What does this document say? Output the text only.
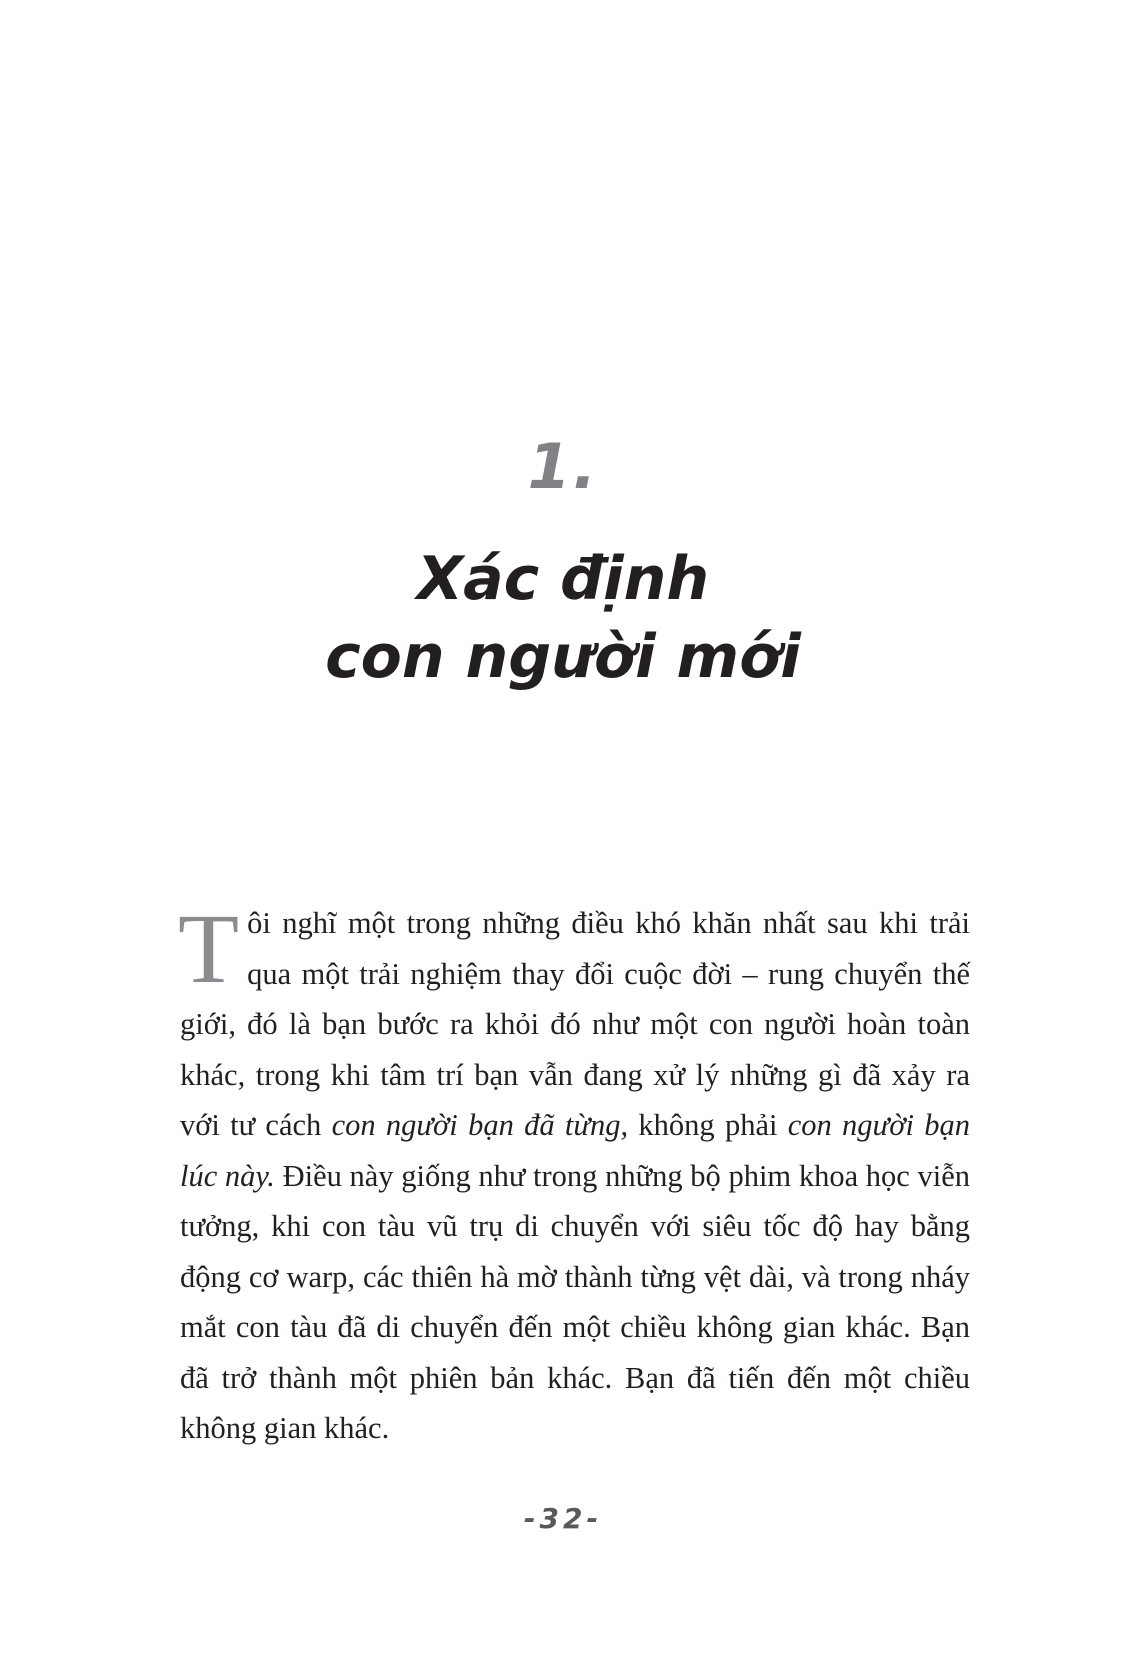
1.
Xác định
con người mới
Tôi nghĩ một trong những điều khó khăn nhất sau khi trải qua một trải nghiệm thay đổi cuộc đời – rung chuyển thế giới, đó là bạn bước ra khỏi đó như một con người hoàn toàn khác, trong khi tâm trí bạn vẫn đang xử lý những gì đã xảy ra với tư cách con người bạn đã từng, không phải con người bạn lúc này. Điều này giống như trong những bộ phim khoa học viễn tưởng, khi con tàu vũ trụ di chuyển với siêu tốc độ hay bằng động cơ warp, các thiên hà mờ thành từng vệt dài, và trong nháy mắt con tàu đã di chuyển đến một chiều không gian khác. Bạn đã trở thành một phiên bản khác. Bạn đã tiến đến một chiều không gian khác.
-32-
